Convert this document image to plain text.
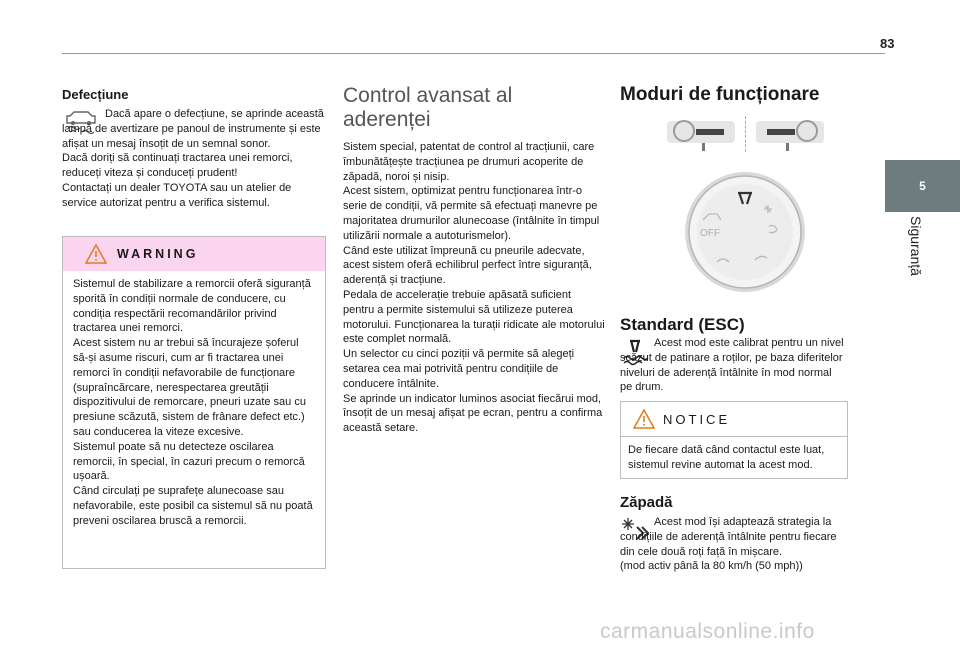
83
5
Siguranță
Defecțiune
Dacă apare o defecțiune, se aprinde această lampă de avertizare pe panoul de instrumente și este afișat un mesaj însoțit de un semnal sonor.
Dacă doriți să continuați tractarea unei remorci, reduceți viteza și conduceți prudent!
Contactați un dealer TOYOTA sau un atelier de service autorizat pentru a verifica sistemul.
WARNING
Sistemul de stabilizare a remorcii oferă siguranță sporită în condiții normale de conducere, cu condiția respectării recomandărilor privind tractarea unei remorci.
Acest sistem nu ar trebui să încurajeze șoferul să-și asume riscuri, cum ar fi tractarea unei remorci în condiții nefavorabile de funcționare (supraîncărcare, nerespectarea greutății dispozitivului de remorcare, pneuri uzate sau cu presiune scăzută, sistem de frânare defect etc.) sau conducerea la viteze excesive.
Sistemul poate să nu detecteze oscilarea remorcii, în special, în cazuri precum o remorcă ușoară.
Când circulați pe suprafețe alunecoase sau nefavorabile, este posibil ca sistemul să nu poată preveni oscilarea bruscă a remorcii.
Control avansat al aderenței
Sistem special, patentat de control al tracțiunii, care îmbunătățește tracțiunea pe drumuri acoperite de zăpadă, noroi și nisip.
Acest sistem, optimizat pentru funcționarea într-o serie de condiții, vă permite să efectuați manevre pe majoritatea drumurilor alunecoase (întâlnite în timpul utilizării normale a autoturismelor).
Când este utilizat împreună cu pneurile adecvate, acest sistem oferă echilibrul perfect între siguranță, aderență și tracțiune.
Pedala de accelerație trebuie apăsată suficient pentru a permite sistemului să utilizeze puterea motorului. Funcționarea la turații ridicate ale motorului este complet normală.
Un selector cu cinci poziții vă permite să alegeți setarea cea mai potrivită pentru condițiile de conducere întâlnite.
Se aprinde un indicator luminos asociat fiecărui mod, însoțit de un mesaj afișat pe ecran, pentru a confirma această setare.
Moduri de funcționare
OFF
Standard (ESC)
Acest mod este calibrat pentru un nivel scăzut de patinare a roților, pe baza diferitelor niveluri de aderență întâlnite în mod normal pe drum.
NOTICE
De fiecare dată când contactul este luat, sistemul revine automat la acest mod.
Zăpadă
Acest mod își adaptează strategia la condițiile de aderență întâlnite pentru fiecare din cele două roți față în mișcare.
(mod activ până la 80 km/h (50 mph))
carmanualsonline.info
